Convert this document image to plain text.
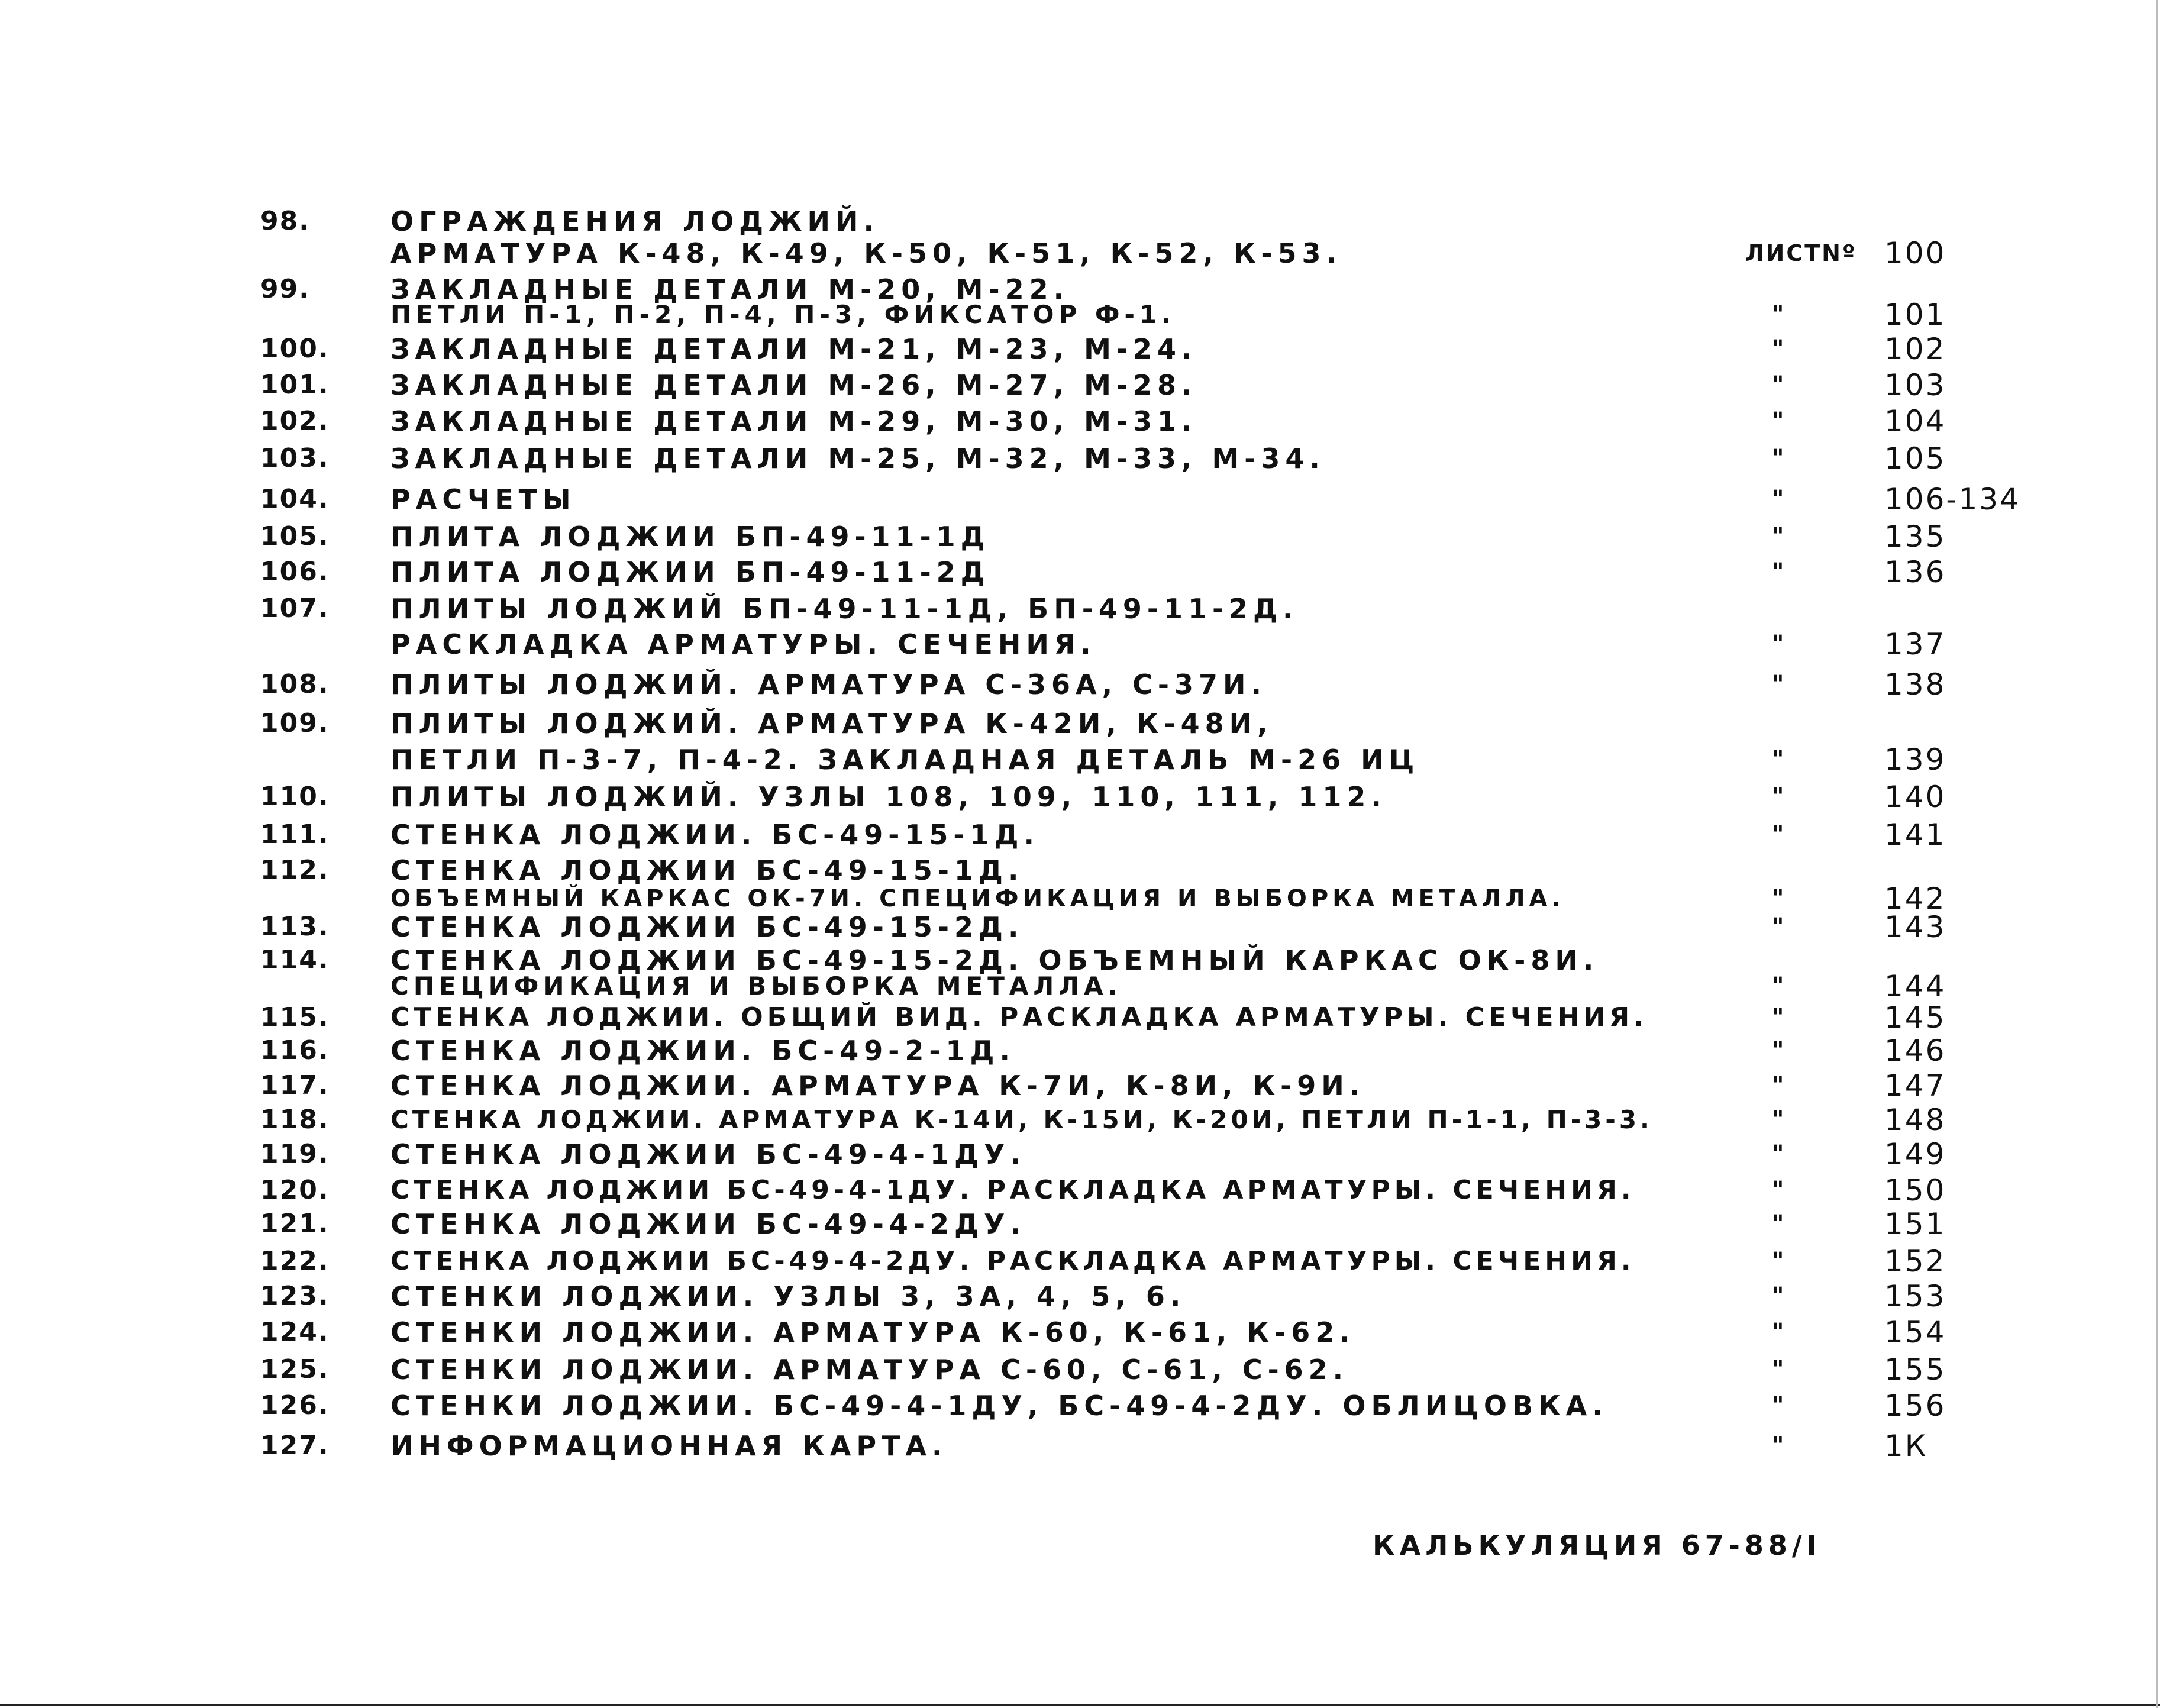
98.	ОГРАЖДЕНИЯ ЛОДЖИЙ.
АРМАТУРА К-48, К-49, К-50, К-51, К-52, К-53.	ЛИСТNº 100
99.	ЗАКЛАДНЫЕ ДЕТАЛИ М-20, М-22.
ПЕТЛИ П-1, П-2, П-4, П-3, ФИКСАТОР Ф-1.	"	101
100. ЗАКЛАДНЫЕ ДЕТАЛИ М-21, М-23, М-24.	"	102
101. ЗАКЛАДНЫЕ ДЕТАЛИ М-26, М-27, М-28.	"	103
102. ЗАКЛАДНЫЕ ДЕТАЛИ М-29, М-30, М-31.	"	104
103. ЗАКЛАДНЫЕ ДЕТАЛИ М-25, М-32, М-33, М-34.	"	105
104. РАСЧЕТЫ	"	106-134
105. ПЛИТА ЛОДЖИИ БП-49-11-1Д	"	135
106. ПЛИТА ЛОДЖИИ БП-49-11-2Д	"	136
107. ПЛИТЫ ЛОДЖИЙ БП-49-11-1Д, БП-49-11-2Д.
РАСКЛАДКА АРМАТУРЫ. СЕЧЕНИЯ.	"	137
108. ПЛИТЫ ЛОДЖИЙ. АРМАТУРА С-36А, С-37И.	"	138
109. ПЛИТЫ ЛОДЖИЙ. АРМАТУРА К-42И, К-48И,
ПЕТЛИ П-3-7, П-4-2. ЗАКЛАДНАЯ ДЕТАЛЬ М-26 ИЦ	"	139
110. ПЛИТЫ ЛОДЖИЙ. УЗЛЫ 108, 109, 110, 111, 112.	"	140
111. СТЕНКА ЛОДЖИИ. БС-49-15-1Д.	"	141
112. СТЕНКА ЛОДЖИИ БС-49-15-1Д.
ОБЪЕМНЫЙ КАРКАС ОК-7И. СПЕЦИФИКАЦИЯ И ВЫБОРКА МЕТАЛЛА.	"	142
113. СТЕНКА ЛОДЖИИ БС-49-15-2Д.	"	143
114. СТЕНКА ЛОДЖИИ БС-49-15-2Д. ОБЪЕМНЫЙ КАРКАС ОК-8И.
СПЕЦИФИКАЦИЯ И ВЫБОРКА МЕТАЛЛА.	"	144
115. СТЕНКА ЛОДЖИИ. ОБЩИЙ ВИД. РАСКЛАДКА АРМАТУРЫ. СЕЧЕНИЯ.	"	145
116. СТЕНКА ЛОДЖИИ. БС-49-2-1Д.	"	146
117. СТЕНКА ЛОДЖИИ. АРМАТУРА К-7И, К-8И, К-9И.	"	147
118. СТЕНКА ЛОДЖИИ. АРМАТУРА К-14И, К-15И, К-20И, ПЕТЛИ П-1-1, П-3-3.	"	148
119. СТЕНКА ЛОДЖИИ БС-49-4-1ДУ.	"	149
120. СТЕНКА ЛОДЖИИ БС-49-4-1ДУ. РАСКЛАДКА АРМАТУРЫ. СЕЧЕНИЯ.	"	150
121. СТЕНКА ЛОДЖИИ БС-49-4-2ДУ.	"	151
122. СТЕНКА ЛОДЖИИ БС-49-4-2ДУ. РАСКЛАДКА АРМАТУРЫ. СЕЧЕНИЯ.	"	152
123. СТЕНКИ ЛОДЖИИ. УЗЛЫ 3, 3А, 4, 5, 6.	"	153
124. СТЕНКИ ЛОДЖИИ. АРМАТУРА К-60, К-61, К-62.	"	154
125. СТЕНКИ ЛОДЖИИ. АРМАТУРА С-60, С-61, С-62.	"	155
126. СТЕНКИ ЛОДЖИИ. БС-49-4-1ДУ, БС-49-4-2ДУ. ОБЛИЦОВКА.	"	156
127. ИНФОРМАЦИОННАЯ КАРТА.	"	1К
КАЛЬКУЛЯЦИЯ 67-88/I
